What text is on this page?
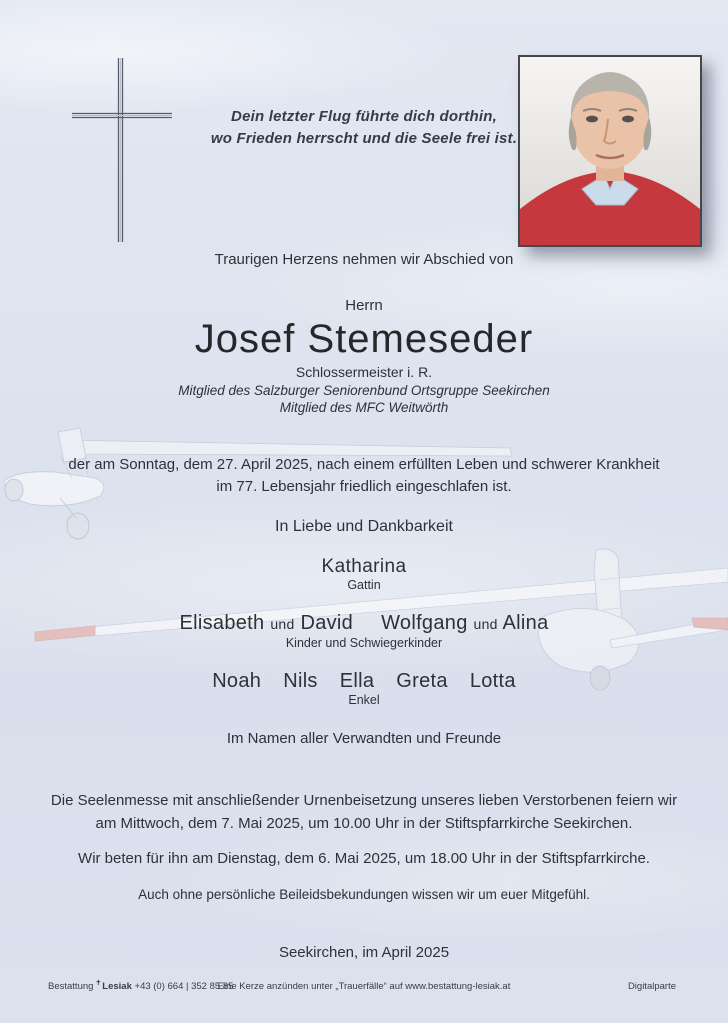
Dein letzter Flug führte dich dorthin,
wo Frieden herrscht und die Seele frei ist.
Traurigen Herzens nehmen wir Abschied von
Herrn
Josef Stemeseder
Schlossermeister i. R.
Mitglied des Salzburger Seniorenbund Ortsgruppe Seekirchen
Mitglied des MFC Weitwörth
der am Sonntag, dem 27. April 2025, nach einem erfüllten Leben und schwerer Krankheit
im 77. Lebensjahr friedlich eingeschlafen ist.
In Liebe und Dankbarkeit
Katharina
Gattin
Elisabeth und David Wolfgang und Alina
Kinder und Schwiegerkinder
Noah Nils Ella Greta Lotta
Enkel
Im Namen aller Verwandten und Freunde
Die Seelenmesse mit anschließender Urnenbeisetzung unseres lieben Verstorbenen feiern wir
am Mittwoch, dem 7. Mai 2025, um 10.00 Uhr in der Stiftspfarrkirche Seekirchen.
Wir beten für ihn am Dienstag, dem 6. Mai 2025, um 18.00 Uhr in der Stiftspfarrkirche.
Auch ohne persönliche Beileidsbekundungen wissen wir um euer Mitgefühl.
Seekirchen, im April 2025
Bestattung ✝Lesiak +43 (0) 664 | 352 85 85
Eine Kerze anzünden unter „Trauerfälle“ auf www.bestattung-lesiak.at	Digitalparte
